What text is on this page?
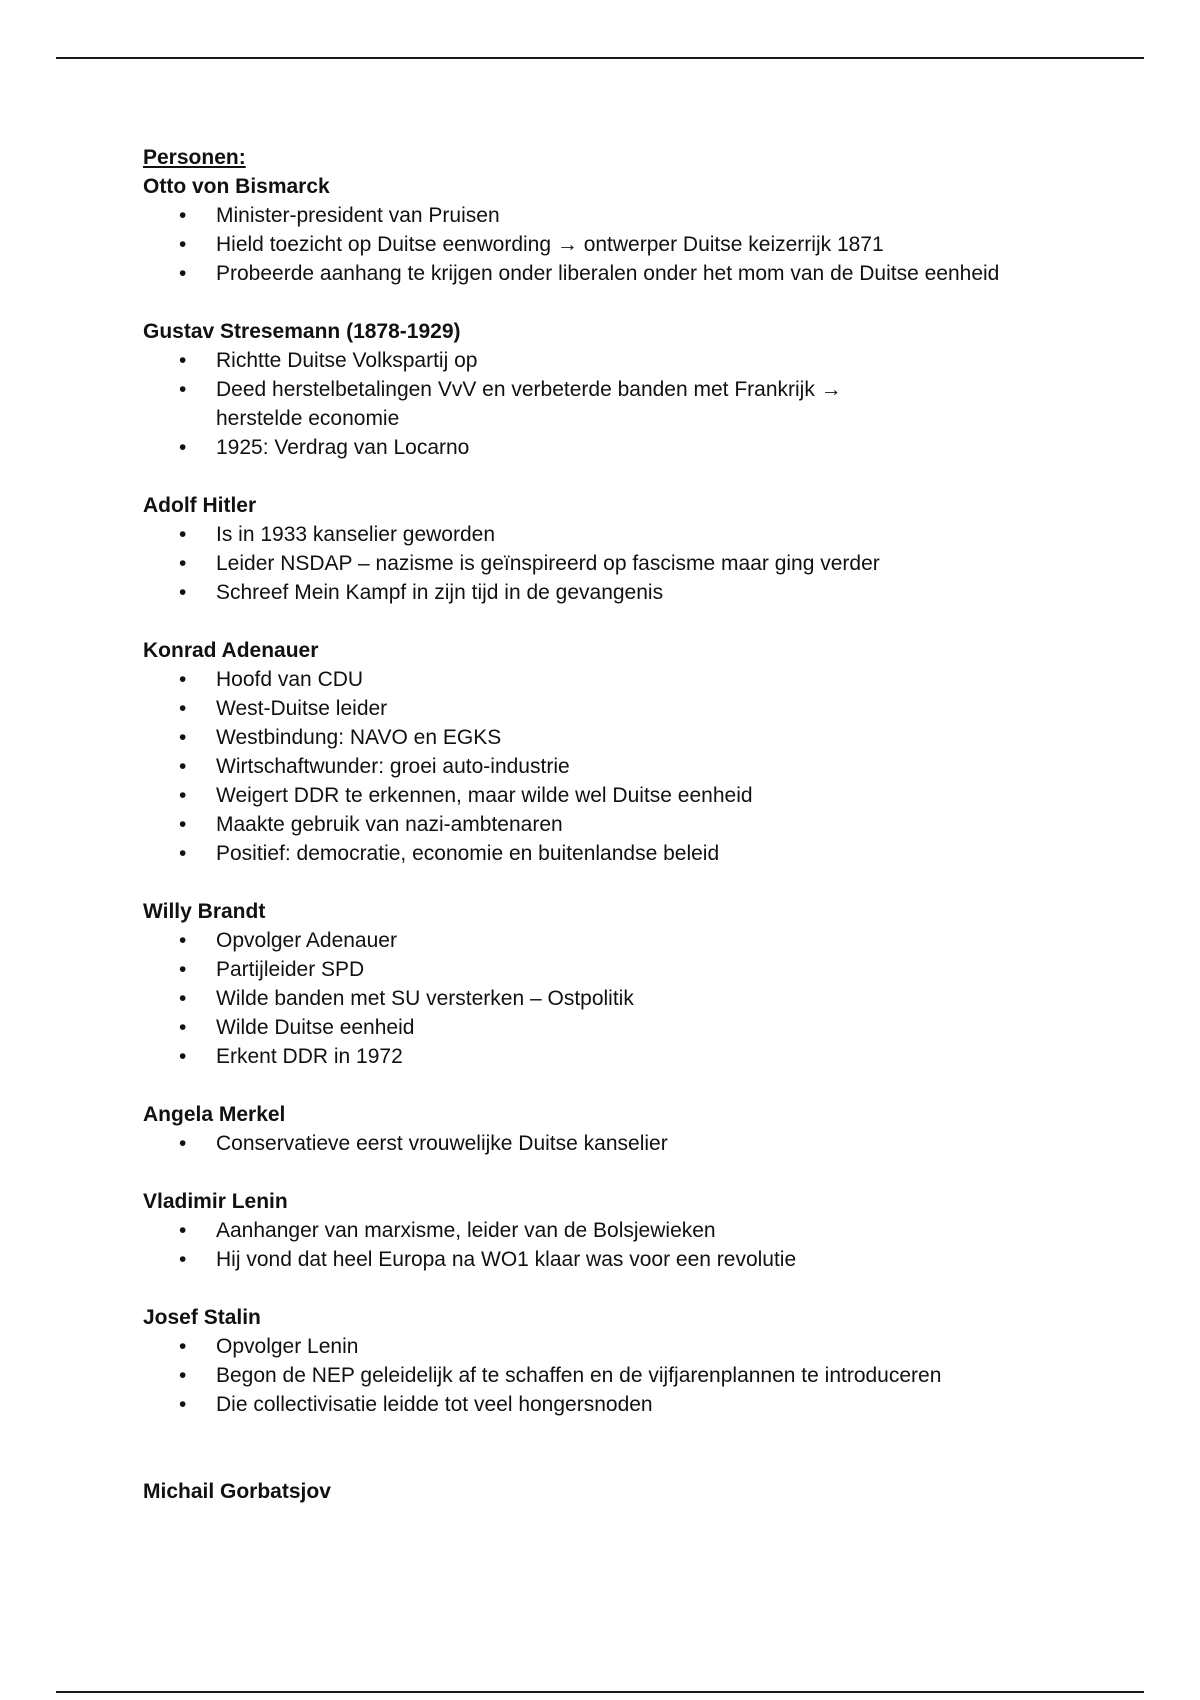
Personen:

Otto von Bismarck

• Minister-president van Pruisen
• Hield toezicht op Duitse eenwording → ontwerper Duitse keizerrijk 1871
• Probeerde aanhang te krijgen onder liberalen onder het mom van de Duitse eenheid

Gustav Stresemann (1878-1929)

• Richtte Duitse Volkspartij op
• Deed herstelbetalingen VvV en verbeterde banden met Frankrijk → herstelde economie
• 1925: Verdrag van Locarno

Adolf Hitler

• Is in 1933 kanselier geworden
• Leider NSDAP – nazisme is geïnspireerd op fascisme maar ging verder
• Schreef Mein Kampf in zijn tijd in de gevangenis

Konrad Adenauer

• Hoofd van CDU
• West-Duitse leider
• Westbindung: NAVO en EGKS
• Wirtschaftwunder: groei auto-industrie
• Weigert DDR te erkennen, maar wilde wel Duitse eenheid
• Maakte gebruik van nazi-ambtenaren
• Positief: democratie, economie en buitenlandse beleid

Willy Brandt

• Opvolger Adenauer
• Partijleider SPD
• Wilde banden met SU versterken – Ostpolitik
• Wilde Duitse eenheid
• Erkent DDR in 1972

Angela Merkel

• Conservatieve eerst vrouwelijke Duitse kanselier

Vladimir Lenin

• Aanhanger van marxisme, leider van de Bolsjewieken
• Hij vond dat heel Europa na WO1 klaar was voor een revolutie

Josef Stalin

• Opvolger Lenin
• Begon de NEP geleidelijk af te schaffen en de vijfjarenplannen te introduceren
• Die collectivisatie leidde tot veel hongersnoden

Michail Gorbatsjov
